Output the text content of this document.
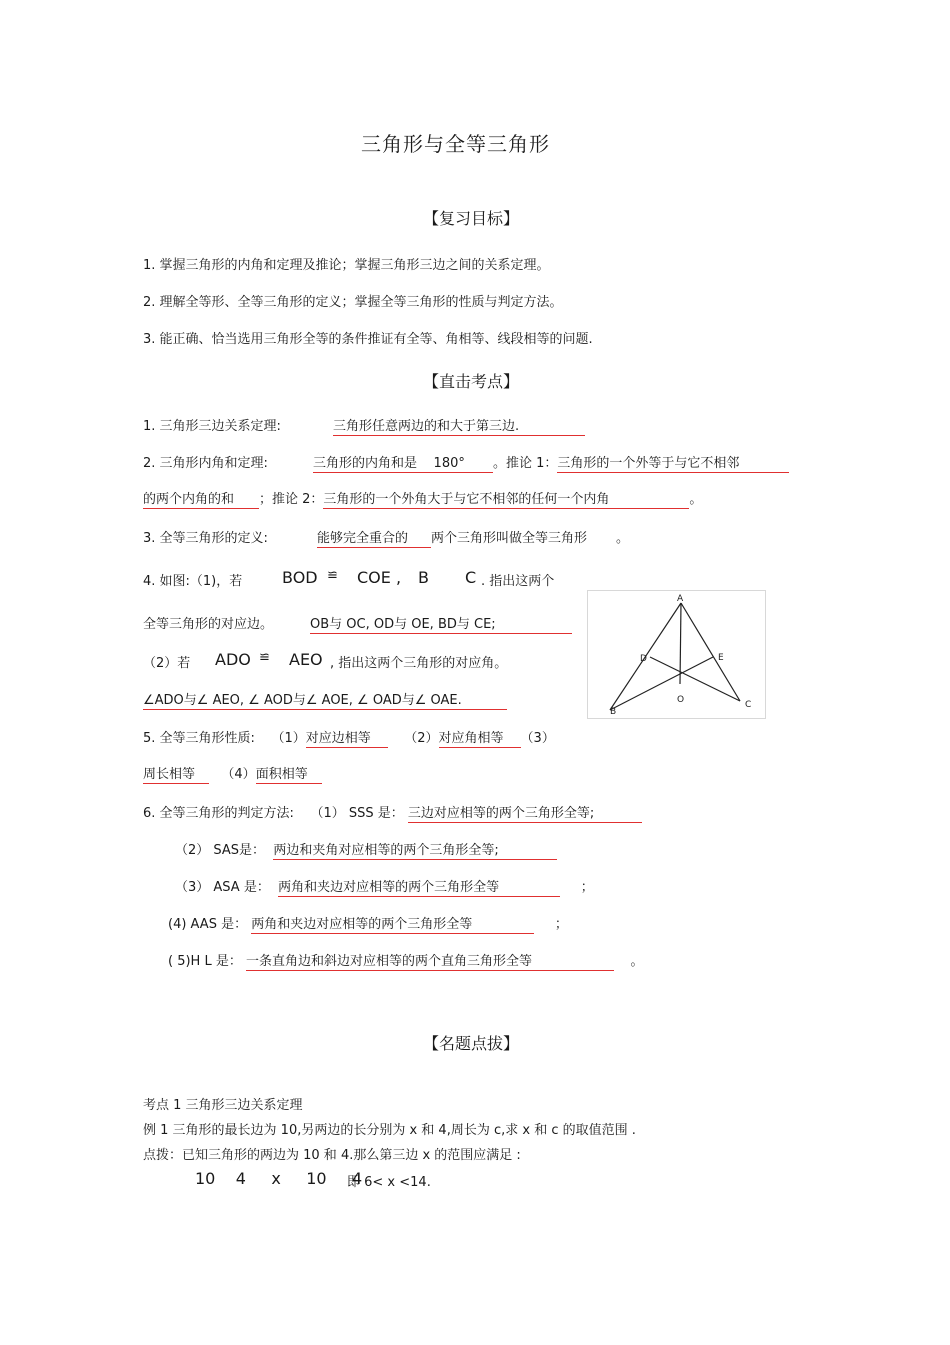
三角形与全等三角形
【复习目标】
1. 掌握三角形的内角和定理及推论；掌握三角形三边之间的关系定理。
2. 理解全等形、全等三角形的定义；掌握全等三角形的性质与判定方法。
3. 能正确、恰当选用三角形全等的条件推证有全等、角相等、线段相等的问题.
【直击考点】
1. 三角形三边关系定理:	三角形任意两边的和大于第三边.
2. 三角形内角和定理:	三角形的内角和是 180° 。推论 1：三角形的一个外等于与它不相邻
的两个内角的和 ；推论 2：三角形的一个外角大于与它不相邻的任何一个内角	。
3. 全等三角形的定义:	能够完全重合的 两个三角形叫做全等三角形 。
4. 如图:（1)，若 BOD ≌ COE , B C . 指出这两个
全等三角形的对应边。	OB与 OC, OD与 OE, BD与 CE;
（2）若 ADO ≌ AEO , 指出这两个三角形的对应角。
∠ADO与∠ AEO, ∠ AOD与∠ AOE, ∠ OAD与∠ OAE.
A
D	E
O
B
C
5. 全等三角形性质: （1）对应边相等	（2）对应角相等 （3）
周长相等 （4）面积相等
6. 全等三角形的判定方法: （1） SSS 是： 三边对应相等的两个三角形全等;
（2） SAS是： 两边和夹角对应相等的两个三角形全等;
（3） ASA 是： 两角和夹边对应相等的两个三角形全等	；
(4) AAS 是： 两角和夹边对应相等的两个三角形全等	；
( 5)H L 是： 一条直角边和斜边对应相等的两个直角三角形全等	。
【名题点拔】
考点 1 三角形三边关系定理
例 1 三角形的最长边为 10,另两边的长分别为 x 和 4,周长为 c,求 x 和 c 的取值范围 .
点拨：已知三角形的两边为 10 和 4.那么第三边 x 的范围应满足 :
10    4     x     10     4
即 6< x <14.
